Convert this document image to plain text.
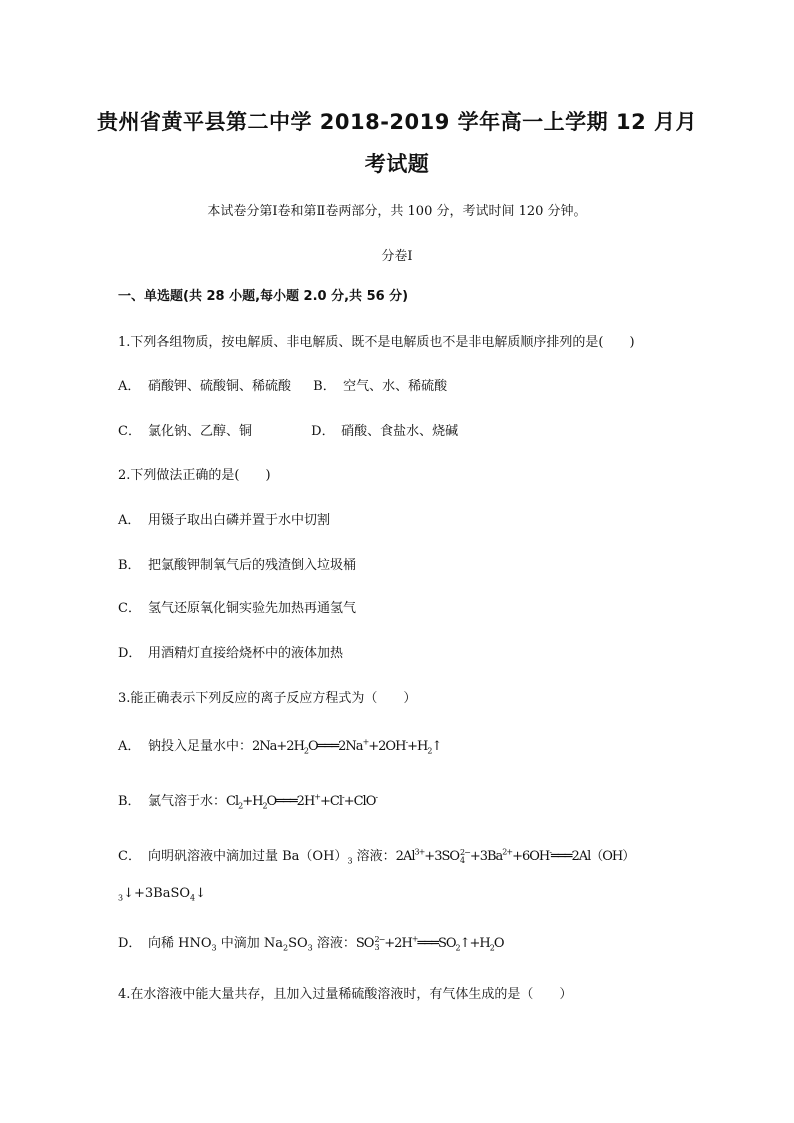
贵州省黄平县第二中学 2018-2019 学年高一上学期 12 月月
考试题
本试卷分第Ⅰ卷和第Ⅱ卷两部分，共 100 分，考试时间 120 分钟。
分卷Ⅰ
一、单选题(共 28 小题,每小题 2.0 分,共 56 分)
1.下列各组物质，按电解质、非电解质、既不是电解质也不是非电解质顺序排列的是(　　)
A． 硝酸钾、硫酸铜、稀硫酸 B． 空气、水、稀硫酸
C． 氯化钠、乙醇、铜	D． 硝酸、食盐水、烧碱
2.下列做法正确的是(　　)
A． 用镊子取出白磷并置于水中切割
B． 把氯酸钾制氧气后的残渣倒入垃圾桶
C． 氢气还原氧化铜实验先加热再通氢气
D． 用酒精灯直接给烧杯中的液体加热
3.能正确表示下列反应的离子反应方程式为（　　）
A． 钠投入足量水中：$2Na+2H_2O═══2Na^++2OH^-+H_2↑$
B． 氯气溶于水：$Cl_2+H_2O═══2H^++Cl^-+ClO^-$
C． 向明矾溶液中滴加过量 $Ba(OH)_3$ 溶液：$2Al^{3+}+3SO$ 2−
$4 +3Ba^{2+}+6OH^-═══2Al(OH)$
$_3$↓+3BaSO$_4$↓
D． 向稀 $HNO_3$ 中滴加 $Na_2SO_3$ 溶液：SO 2−
$3 +2H^+═══SO_2↑+H_2O$
4.在水溶液中能大量共存，且加入过量稀硫酸溶液时，有气体生成的是（　　）
